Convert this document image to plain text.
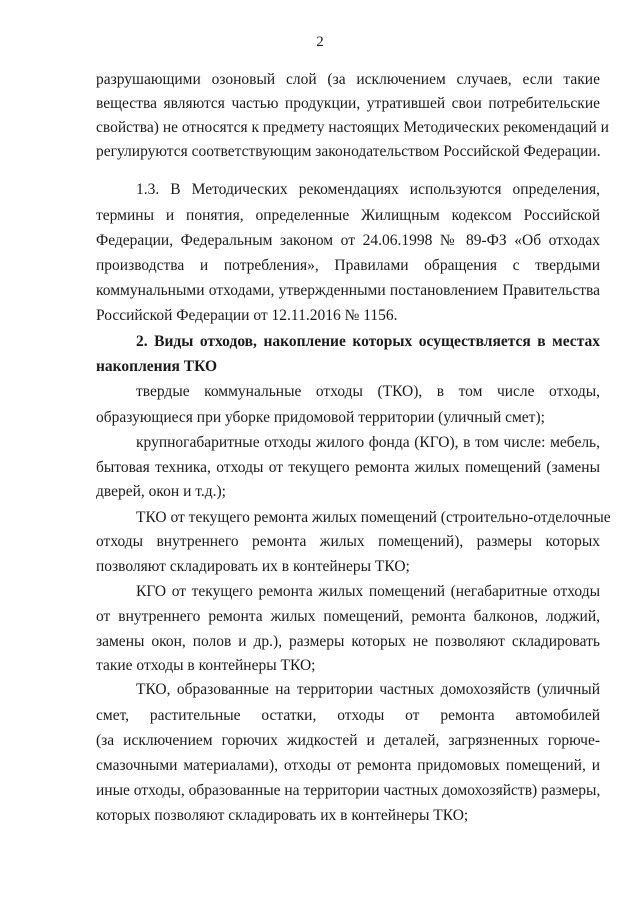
2
разрушающими озоновый слой (за исключением случаев, если такие
вещества являются частью продукции, утратившей свои потребительские
свойства) не относятся к предмету настоящих Методических рекомендаций и
регулируются соответствующим законодательством Российской Федерации.
1.3. В Методических рекомендациях используются определения,
термины и понятия, определенные Жилищным кодексом Российской
Федерации, Федеральным законом от 24.06.1998 № 89-ФЗ «Об отходах
производства и потребления», Правилами обращения с твердыми
коммунальными отходами, утвержденными постановлением Правительства
Российской Федерации от 12.11.2016 № 1156.
2. Виды отходов, накопление которых осуществляется в местах
накопления ТКО
твердые коммунальные отходы (ТКО), в том числе отходы,
образующиеся при уборке придомовой территории (уличный смет);
крупногабаритные отходы жилого фонда (КГО), в том числе: мебель,
бытовая техника, отходы от текущего ремонта жилых помещений (замены
дверей, окон и т.д.);
ТКО от текущего ремонта жилых помещений (строительно-отделочные
отходы внутреннего ремонта жилых помещений), размеры которых
позволяют складировать их в контейнеры ТКО;
КГО от текущего ремонта жилых помещений (негабаритные отходы
от внутреннего ремонта жилых помещений, ремонта балконов, лоджий,
замены окон, полов и др.), размеры которых не позволяют складировать
такие отходы в контейнеры ТКО;
ТКО, образованные на территории частных домохозяйств (уличный
смет, растительные остатки, отходы от ремонта автомобилей
(за исключением горючих жидкостей и деталей, загрязненных горюче-
смазочными материалами), отходы от ремонта придомовых помещений, и
иные отходы, образованные на территории частных домохозяйств) размеры,
которых позволяют складировать их в контейнеры ТКО;
